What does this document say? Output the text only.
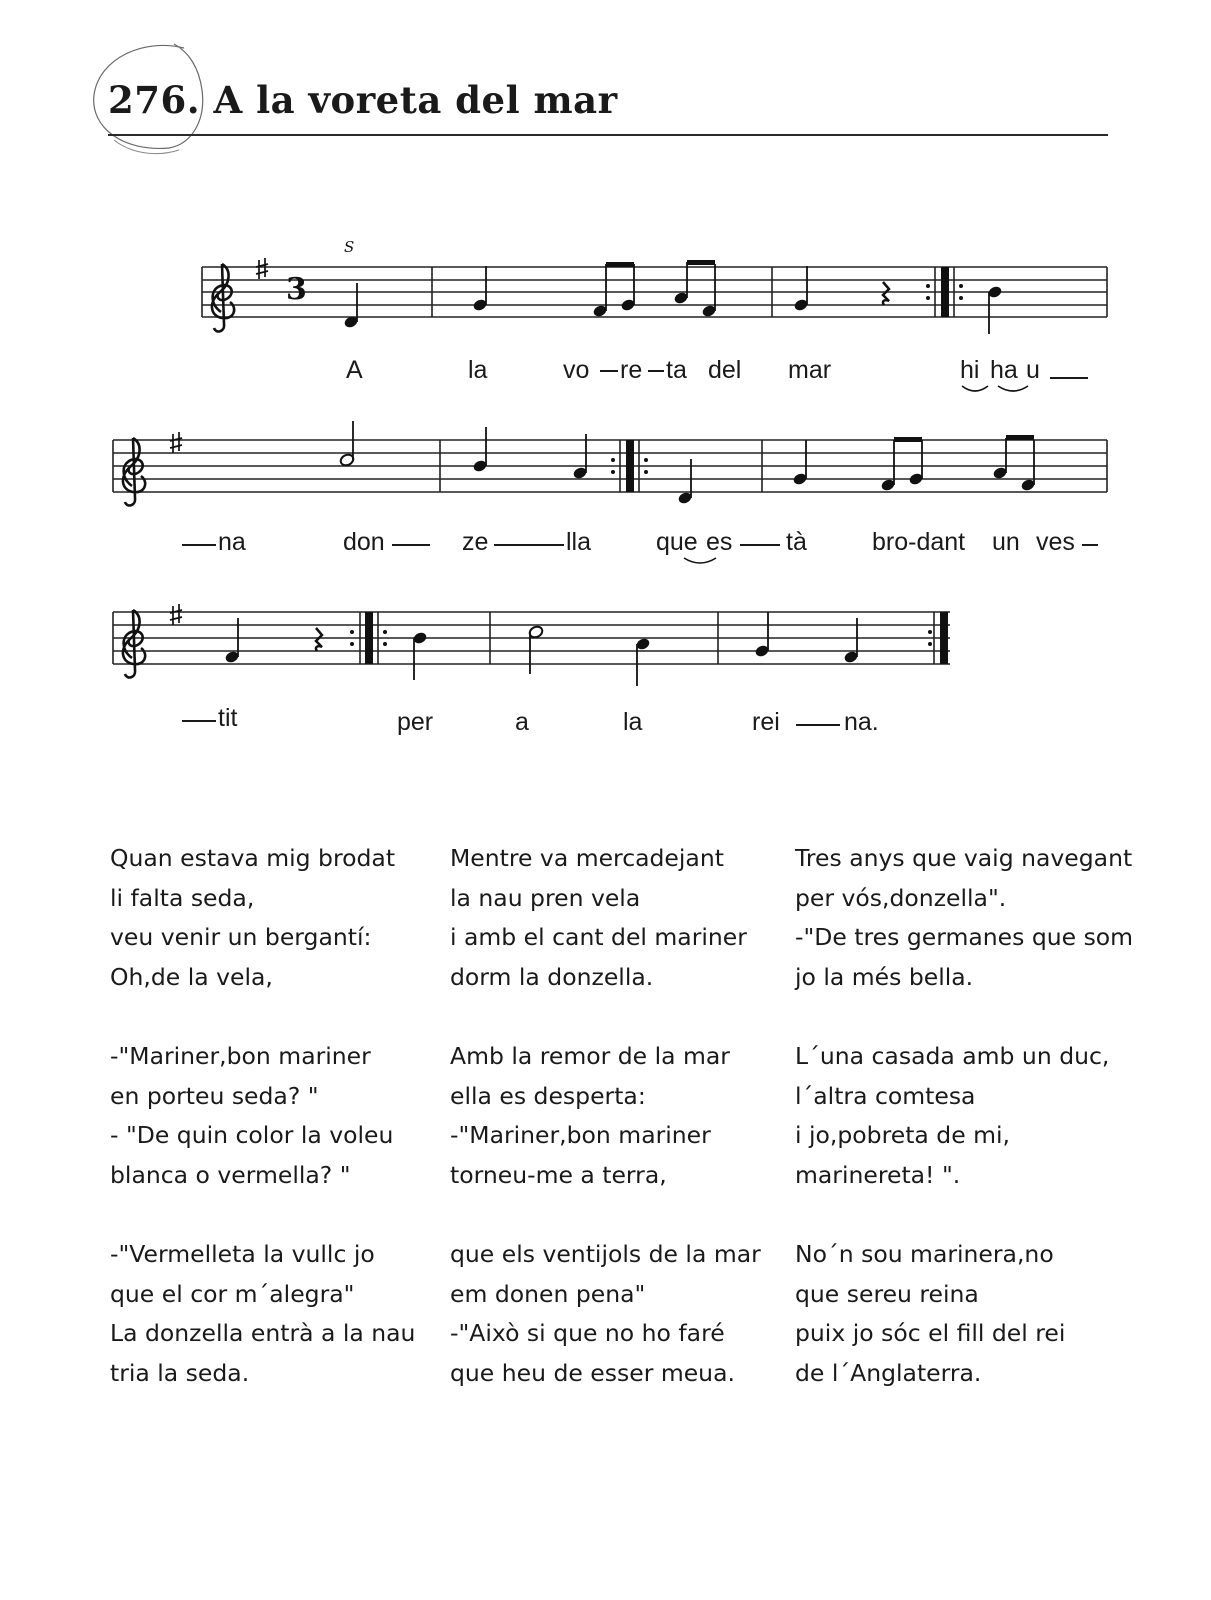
276. A la voreta del mar
3
S
A	la	vo re ta del mar	hi ha u
na	don	ze	lla	que es tà	bro-dant un ves
tit	per	a	la	rei	na.
Quan estava mig brodat
li falta seda,
veu venir un bergantí:
Oh,de la vela,
-"Mariner,bon mariner
en porteu seda? "
- "De quin color la voleu
blanca o vermella? "
-"Vermelleta la vullc jo
que el cor m´alegra"
La donzella entrà a la nau
tria la seda.
Mentre va mercadejant
la nau pren vela
i amb el cant del mariner
dorm la donzella.
Amb la remor de la mar
ella es desperta:
-"Mariner,bon mariner
torneu-me a terra,
que els ventijols de la mar
em donen pena"
-"Això si que no ho faré
que heu de esser meua.
Tres anys que vaig navegant
per vós,donzella".
-"De tres germanes que som
jo la més bella.
L´una casada amb un duc,
l´altra comtesa
i jo,pobreta de mi,
marinereta! ".
No´n sou marinera,no
que sereu reina
puix jo sóc el fill del rei
de l´Anglaterra.
